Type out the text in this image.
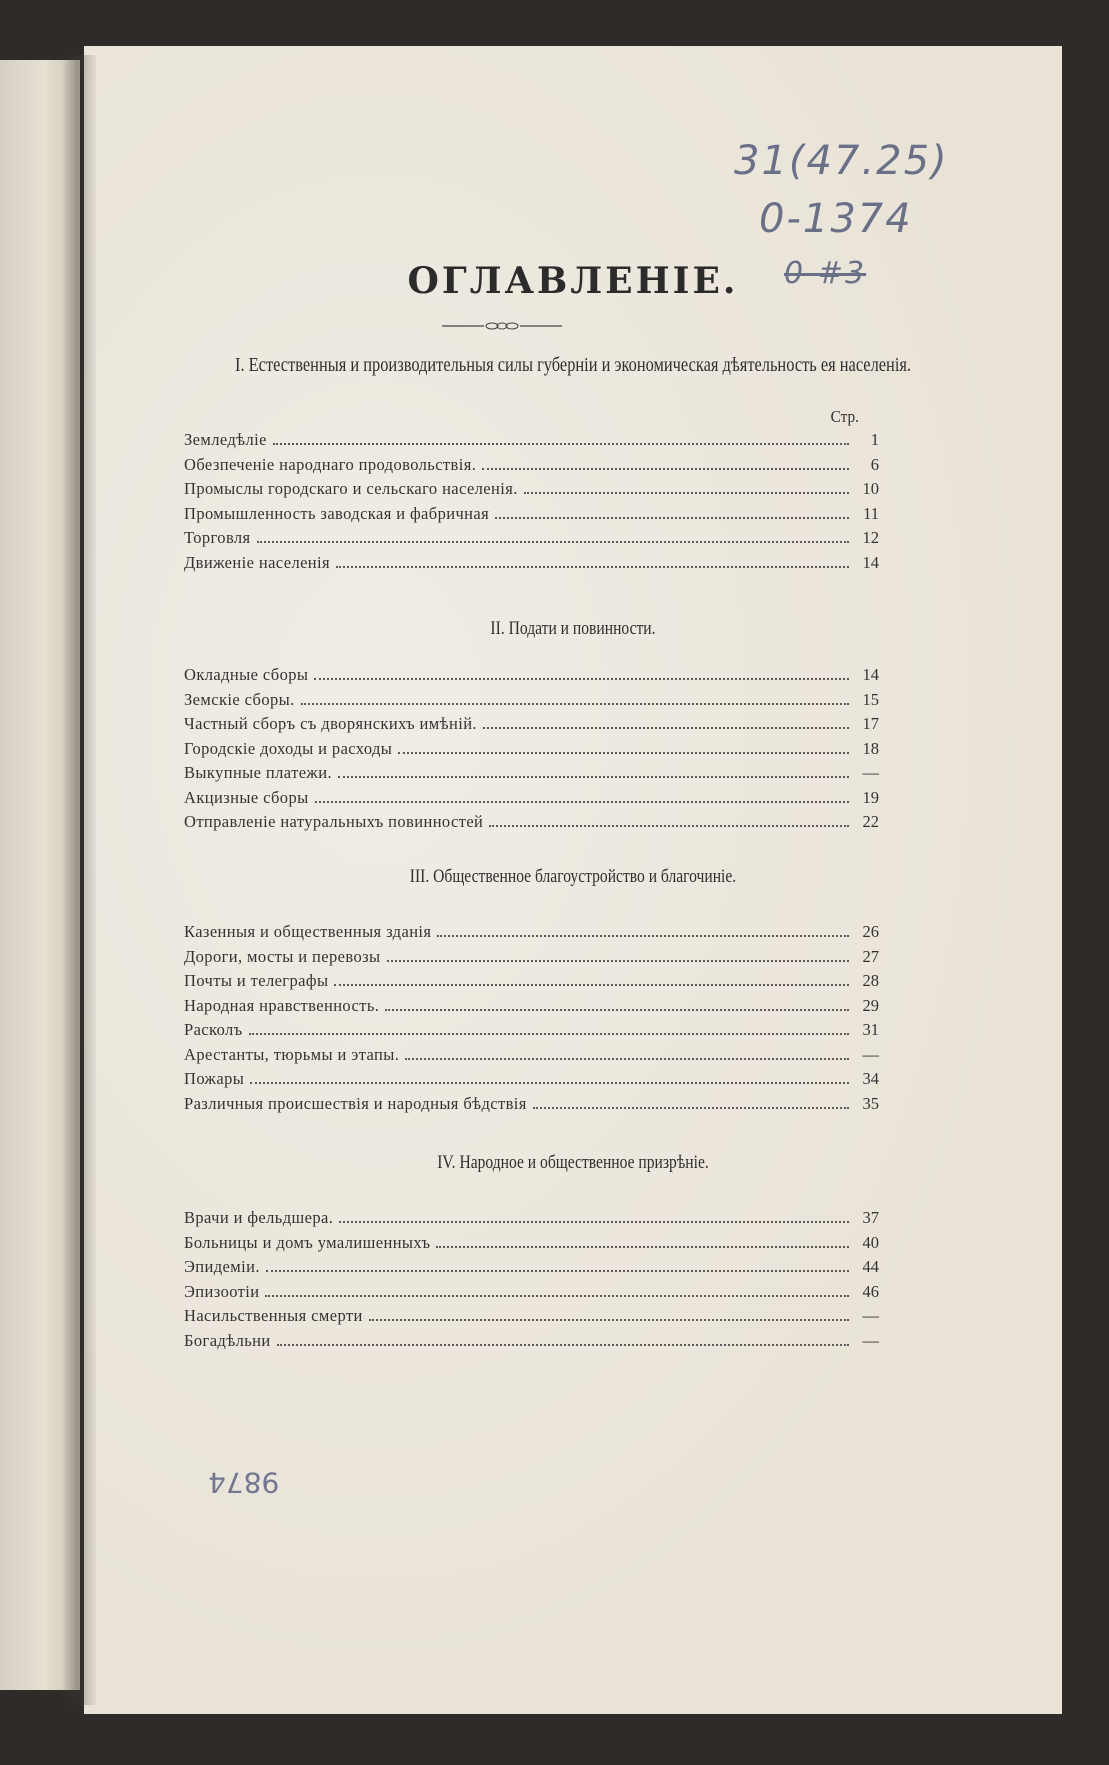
31(47.25)
0-1374
0-#3
ОГЛАВЛЕНІЕ.
I. Естественныя и производительныя силы губерніи и экономическая дѣятельность ея населенія.
Стр.
Земледѣліе	1
Обезпеченіе народнаго продовольствія.	6
Промыслы городскаго и сельскаго населенія.	10
Промышленность заводская и фабричная	11
Торговля	12
Движеніе населенія	14
II. Подати и повинности.
Окладные сборы	14
Земскіе сборы.	15
Частный сборъ съ дворянскихъ имѣній.	17
Городскіе доходы и расходы	18
Выкупные платежи.	—
Акцизные сборы	19
Отправленіе натуральныхъ повинностей	22
III. Общественное благоустройство и благочиніе.
Казенныя и общественныя зданія	26
Дороги, мосты и перевозы	27
Почты и телеграфы	28
Народная нравственность.	29
Расколъ	31
Арестанты, тюрьмы и этапы.	—
Пожары	34
Различныя происшествія и народныя бѣдствія	35
IV. Народное и общественное призрѣніе.
Врачи и фельдшера.	37
Больницы и домъ умалишенныхъ	40
Эпидеміи.	44
Эпизоотіи	46
Насильственныя смерти	—
Богадѣльни	—
9874
